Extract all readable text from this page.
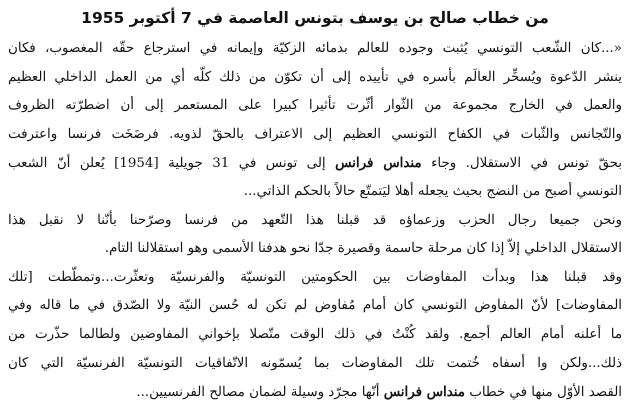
من خطاب صالح بن يوسف بتونس العاصمة في 7 أكتوبر 1955
«...كان الشّعب التونسي يُثبت وجوده للعالم بدمائه الزكيّة وإيمانه في استرجاع حقّه المغصوب، فكان
ينشر الدّعوة ويُسخِّر العالَم بأسره في تأييده إلى أن تكوّن من ذلك كلّه أي من العمل الداخلي العظيم
والعمل في الخارج مجموعة من الثّوار أثّرت تأثيرا كبيرا على المستعمر إلى أن اضطرّته الظروف
والتّجانس والثّبات في الكفاح التونسي العظيم إلى الاعتراف بالحقّ لذويه. فرضَخَت فرنسا واعترفت
بحقّ تونس في الاستقلال. وجاء منداس فرانس إلى تونس في 31 جويلية [1954] يُعلن أنّ الشعب
التونسي أصبح من النضج بحيث يجعله أهلا ليَتمتّع حالاً بالحكم الذاتي...
ونحن جميعا رجال الحزب وزعماؤه قد قبلنا هذا التّعهد من فرنسا وصرّحنا بأنّنا لا نقبل هذا
الاستقلال الداخلي إلاّ إذا كان مرحلة حاسمة وقصيرة جدّا نحو هدفنا الأسمى وهو استقلالنا التام.
وقد قبلنا هذا وبدأت المفاوضات بين الحكومتين التونسيّة والفرنسيّة وتعثّرت...وتمطّطت [تلك
المفاوضات] لأنّ المفاوض التونسي كان أمام مُفاوض لم تكن له حُسن النيّة ولا الصّدق في ما قاله وفي
ما أعلنه أمام العالم أجمع. ولقد كُنْتُ في ذلك الوقت متّصلا بإخواني المفاوضين ولطالما حذّرت من
ذلك...ولكن وا أسفاه خُتمت تلك المفاوضات بما يُسمّونه الاتّفاقيات التونسيّة الفرنسيّة التي كان
القصد الأوّل منها في خطاب منداس فرانس أنّها مجرّد وسيلة لضمان مصالح الفرنسيين...
